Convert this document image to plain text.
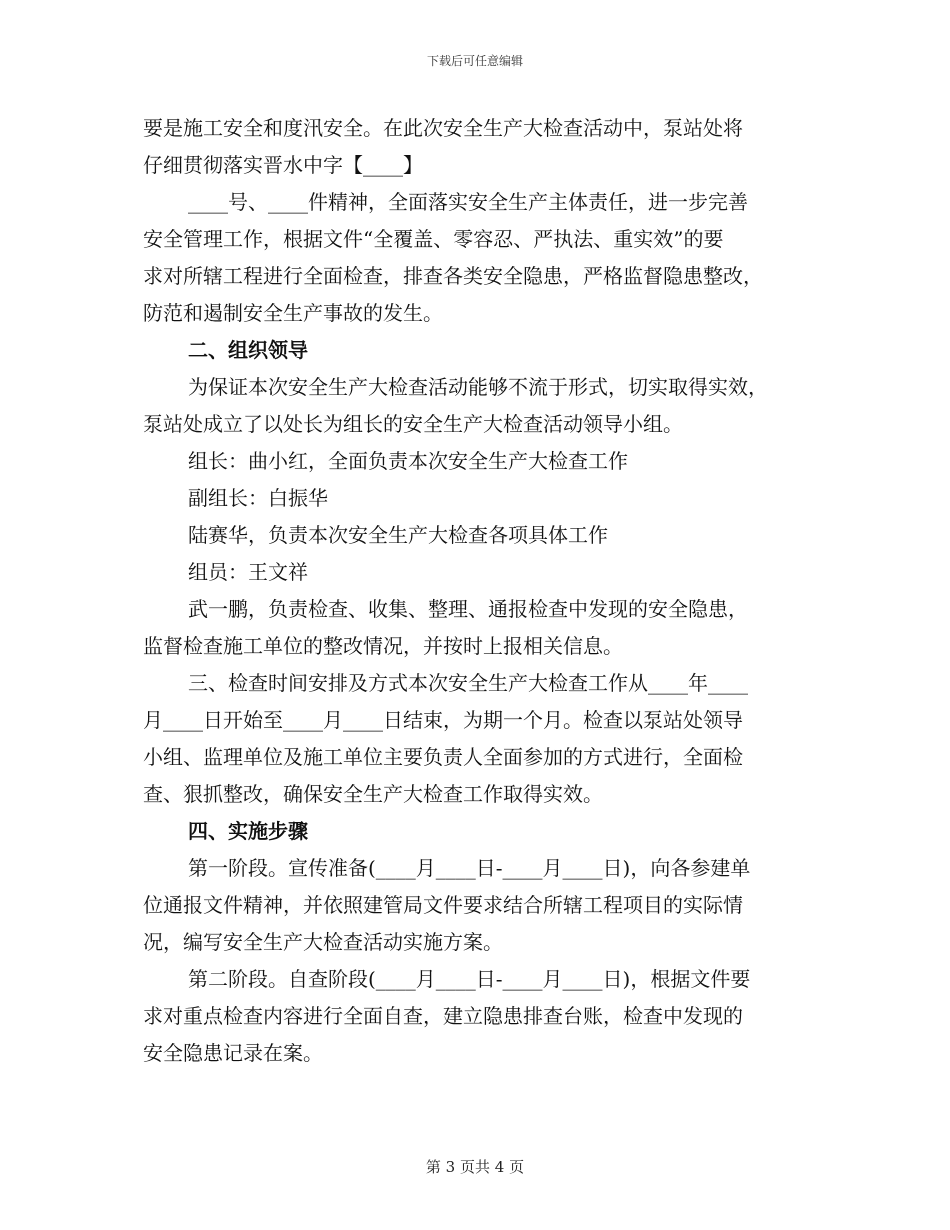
下载后可任意编辑
要是施工安全和度汛安全。在此次安全生产大检查活动中，泵站处将
仔细贯彻落实晋水中字【____】
____号、____件精神，全面落实安全生产主体责任，进一步完善
安全管理工作，根据文件“全覆盖、零容忍、严执法、重实效”的要
求对所辖工程进行全面检查，排查各类安全隐患，严格监督隐患整改，
防范和遏制安全生产事故的发生。
二、组织领导
为保证本次安全生产大检查活动能够不流于形式，切实取得实效，
泵站处成立了以处长为组长的安全生产大检查活动领导小组。
组长：曲小红，全面负责本次安全生产大检查工作
副组长：白振华
陆赛华，负责本次安全生产大检查各项具体工作
组员：王文祥
武一鹏，负责检查、收集、整理、通报检查中发现的安全隐患，
监督检查施工单位的整改情况，并按时上报相关信息。
三、检查时间安排及方式本次安全生产大检查工作从____年____
月____日开始至____月____日结束，为期一个月。检查以泵站处领导
小组、监理单位及施工单位主要负责人全面参加的方式进行，全面检
查、狠抓整改，确保安全生产大检查工作取得实效。
四、实施步骤
第一阶段。宣传准备(____月____日-____月____日)，向各参建单
位通报文件精神，并依照建管局文件要求结合所辖工程项目的实际情
况，编写安全生产大检查活动实施方案。
第二阶段。自查阶段(____月____日-____月____日)，根据文件要
求对重点检查内容进行全面自查，建立隐患排查台账，检查中发现的
安全隐患记录在案。
第 3 页共 4 页
